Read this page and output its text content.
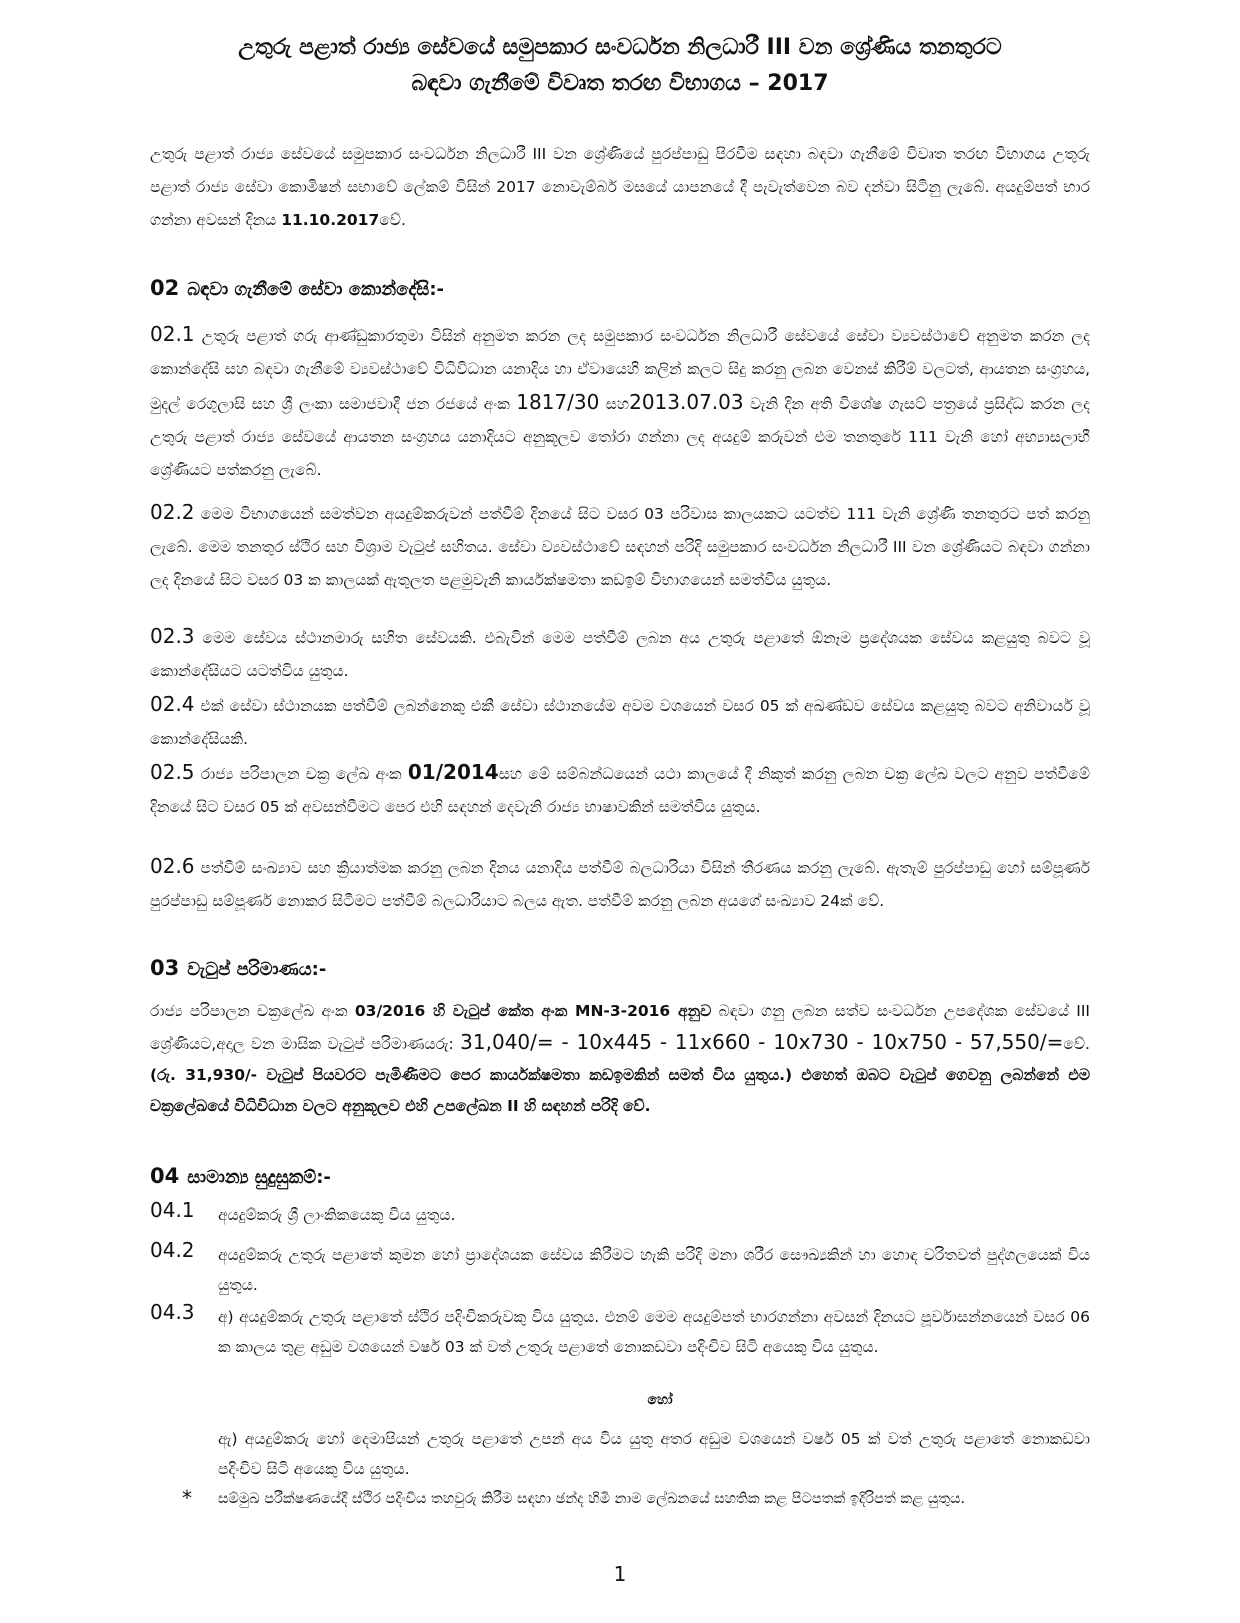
උතුරු පළාත් රාජ්‍ය සේවයේ සමුපකාර සංවර්ධන නිලධාරී III වන ශ්‍රේණිය තනතුරට
බඳවා ගැනීමේ විවෘත තරඟ විභාගය – 2017
උතුරු පළාත් රාජ්‍ය සේවයේ සමුපකාර සංවර්ධන නිලධාරී III වන ශ්‍රේණියේ පුරප්පාඩු පිරවීම සඳහා බඳවා ගැනීමේ විවෘත තරඟ විභාගය උතුරු පළාත් රාජ්‍ය සේවා කොමිෂන් සභාවේ ලේකම් විසින් 2017 නොවැම්බර් මසයේ යාපනයේ දී පැවැත්වෙන බව දන්වා සිටිනු ලැබේ. අයදුම්පත් භාර ගන්නා අවසන් දිනය 11.10.2017වේ.
02 බඳවා ගැනීමේ සේවා කොන්දේසි:-
02.1 උතුරු පළාත් ගරු ආණ්ඩුකාරතුමා විසින් අනුමත කරන ලද සමුපකාර සංවර්ධන නිලධාරී සේවයේ සේවා ව්‍යවස්ථාවේ අනුමත කරන ලද කොන්දේසි සහ බඳවා ගැනීමේ ව්‍යවස්ථාවේ විධිවිධාන යනාදිය හා ඒවායෙහි කලින් කලට සිදු කරනු ලබන වෙනස් කිරීම් වලටත්, ආයතන සංග්‍රහය, මුදල් රෙගුලාසි සහ ශ්‍රී ලංකා සමාජවාදී ජන රජයේ අංක 1817/30 සහ2013.07.03 වැනි දින අති විශේෂ ගැසට් පත්‍රයේ ප්‍රසිද්ධ කරන ලද උතුරු පළාත් රාජ්‍ය සේවයේ ආයතන සංග්‍රහය යනාදියට අනුකූලව තෝරා ගන්නා ලද අයදුම් කරුවන් එම තනතුරේ 111 වැනි හෝ අභ්‍යාසලාභී ශ්‍රේණියට පත්කරනු ලැබේ.
02.2 මෙම විභාගයෙන් සමත්වන අයදුම්කරුවන් පත්වීම් දිනයේ සිට වසර 03 පරිවාස කාලයකට යටත්ව 111 වැනි ශ්‍රේණි තනතුරට පත් කරනු ලැබේ. මෙම තනතුර ස්ථිර සහ විශ්‍රාම වැටුප් සහිතය. සේවා ව්‍යවස්ථාවේ සඳහන් පරිදි සමුපකාර සංවර්ධන නිලධාරී III වන ශ්‍රේණියට බඳවා ගන්නා ලද දිනයේ සිට වසර 03 ක කාලයක් ඇතුලත පළමුවැනි කාර්යක්ෂමතා කඩඉම් විභාගයෙන් සමත්විය යුතුය.
02.3 මෙම සේවය ස්ථානමාරු සහිත සේවයකි. එබැවින් මෙම පත්වීම් ලබන අය උතුරු පළාතේ ඕනෑම ප්‍රදේශයක සේවය කළයුතු බවට වූ කොන්දේසියට යටත්විය යුතුය.
02.4 එක් සේවා ස්ථානයක පත්වීම් ලබන්නෙකු එකී සේවා ස්ථානයේම අවම වශයෙන් වසර 05 ක් අඛණ්ඩව සේවය කළයුතු බවට අනිවාර්ය වූ කොන්දේසියකි.
02.5 රාජ්‍ය පරිපාලන චක්‍ර ලේඛ අංක 01/2014සහ මේ සම්බන්ධයෙන් යථා කාලයේ දී නිකුත් කරනු ලබන චක්‍ර ලේඛ වලට අනුව පත්වීමේ දිනයේ සිට වසර 05 ක් අවසන්වීමට පෙර එහි සඳහන් දෙවැනි රාජ්‍ය භාෂාවකින් සමත්විය යුතුය.
02.6 පත්වීම් සංඛ්‍යාව සහ ක්‍රියාත්මක කරනු ලබන දිනය යනාදිය පත්වීම් බලධාරියා විසින් තීරණය කරනු ලැබේ. ඇතැම් පුරප්පාඩු හෝ සම්පූර්ණ පුරප්පාඩු සම්පූර්ණ නොකර සිටීමට පත්වීම් බලධාරියාට බලය ඇත. පත්වීම් කරනු ලබන අයගේ සංඛ්‍යාව 24ක් වේ.
03 වැටුප් පරිමාණය:-
රාජ්‍ය පරිපාලන චක්‍රලේඛ අංක 03/2016 හි වැටුප් කේත අංක MN-3-2016 අනුව බඳවා ගනු ලබන සත්ව සංවර්ධන උපදේශක සේවයේ III ශ්‍රේණියට,අදාල වන මාසික වැටුප් පරිමාණයරු: 31,040/= - 10x445 - 11x660 - 10x730 - 10x750 - 57,550/=වේ. (රු. 31,930/- වැටුප් පියවරට පැමිණීමට පෙර කාර්යක්ෂමතා කඩඉමකින් සමත් විය යුතුය.) එහෙත් ඔබට වැටුප් ගෙවනු ලබන්නේ එම චක්‍රලේඛයේ විධිවිධාන වලට අනුකූලව එහි උපලේඛන II හි සඳහන් පරිදි වේ.
04 සාමාන්‍ය සුදුසුකම්:-
04.1 අයදුම්කරු ශ්‍රී ලාංකිකයෙකු විය යුතුය.
04.2 අයදුම්කරු උතුරු පළාතේ කුමන හෝ ප්‍රාදේශයක සේවය කිරීමට හැකි පරිදි මනා ශරීර සෞඛ්‍යකින් හා හොඳ චරිතවත් පුද්ගලයෙක් විය යුතුය.
04.3 අ) අයදුම්කරු උතුරු පළාතේ ස්ථිර පදිංචිකරුවකු විය යුතුය. එනම් මෙම අයදුම්පත් භාරගන්නා අවසන් දිනයට පූර්වාසන්නයෙන් වසර 06 ක කාලය තුළ අඩුම වශයෙන් වර්ෂ 03 ක් වත් උතුරු පළාතේ නොකඩවා පදිංචිව සිටි අයෙකු විය යුතුය.
හෝ
ඇ) අයදුම්කරු හෝ දෙමාපියන් උතුරු පළාතේ උපන් අය විය යුතු අතර අඩුම වශයෙන් වර්ෂ 05 ක් වත් උතුරු පළාතේ නොකඩවා පදිංචිව සිටි අයෙකු විය යුතුය.
* සම්මුඛ පරීක්ෂණයේදී ස්ථිර පදිංචිය තහවුරු කිරීම සඳහා ඡන්ද හිමි නාම ලේඛනයේ සහතික කළ පිටපතක් ඉදිරිපත් කළ යුතුය.
1
